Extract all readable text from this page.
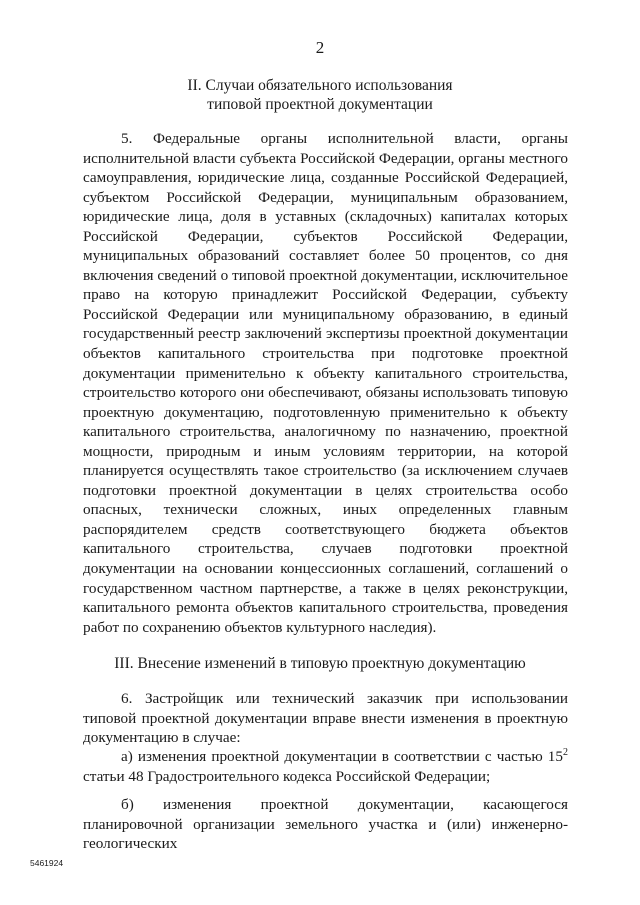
2
II. Случаи обязательного использования
типовой проектной документации

5. Федеральные органы исполнительной власти, органы исполнительной власти субъекта Российской Федерации, органы местного самоуправления, юридические лица, созданные Российской Федерацией, субъектом Российской Федерации, муниципальным образованием, юридические лица, доля в уставных (складочных) капиталах которых Российской Федерации, субъектов Российской Федерации, муниципальных образований составляет более 50 процентов, со дня включения сведений о типовой проектной документации, исключительное право на которую принадлежит Российской Федерации, субъекту Российской Федерации или муниципальному образованию, в единый государственный реестр заключений экспертизы проектной документации объектов капитального строительства при подготовке проектной документации применительно к объекту капитального строительства, строительство которого они обеспечивают, обязаны использовать типовую проектную документацию, подготовленную применительно к объекту капитального строительства, аналогичному по назначению, проектной мощности, природным и иным условиям территории, на которой планируется осуществлять такое строительство (за исключением случаев подготовки проектной документации в целях строительства особо опасных, технически сложных, иных определенных главным распорядителем средств соответствующего бюджета объектов капитального строительства, случаев подготовки проектной документации на основании концессионных соглашений, соглашений о государственном частном партнерстве, а также в целях реконструкции, капитального ремонта объектов капитального строительства, проведения работ по сохранению объектов культурного наследия).

III. Внесение изменений в типовую проектную документацию

6. Застройщик или технический заказчик при использовании типовой проектной документации вправе внести изменения в проектную документацию в случае:

а) изменения проектной документации в соответствии с частью $15^2$ статьи 48 Градостроительного кодекса Российской Федерации;

б) изменения проектной документации, касающегося планировочной организации земельного участка и (или) инженерно-геологических

5461924
